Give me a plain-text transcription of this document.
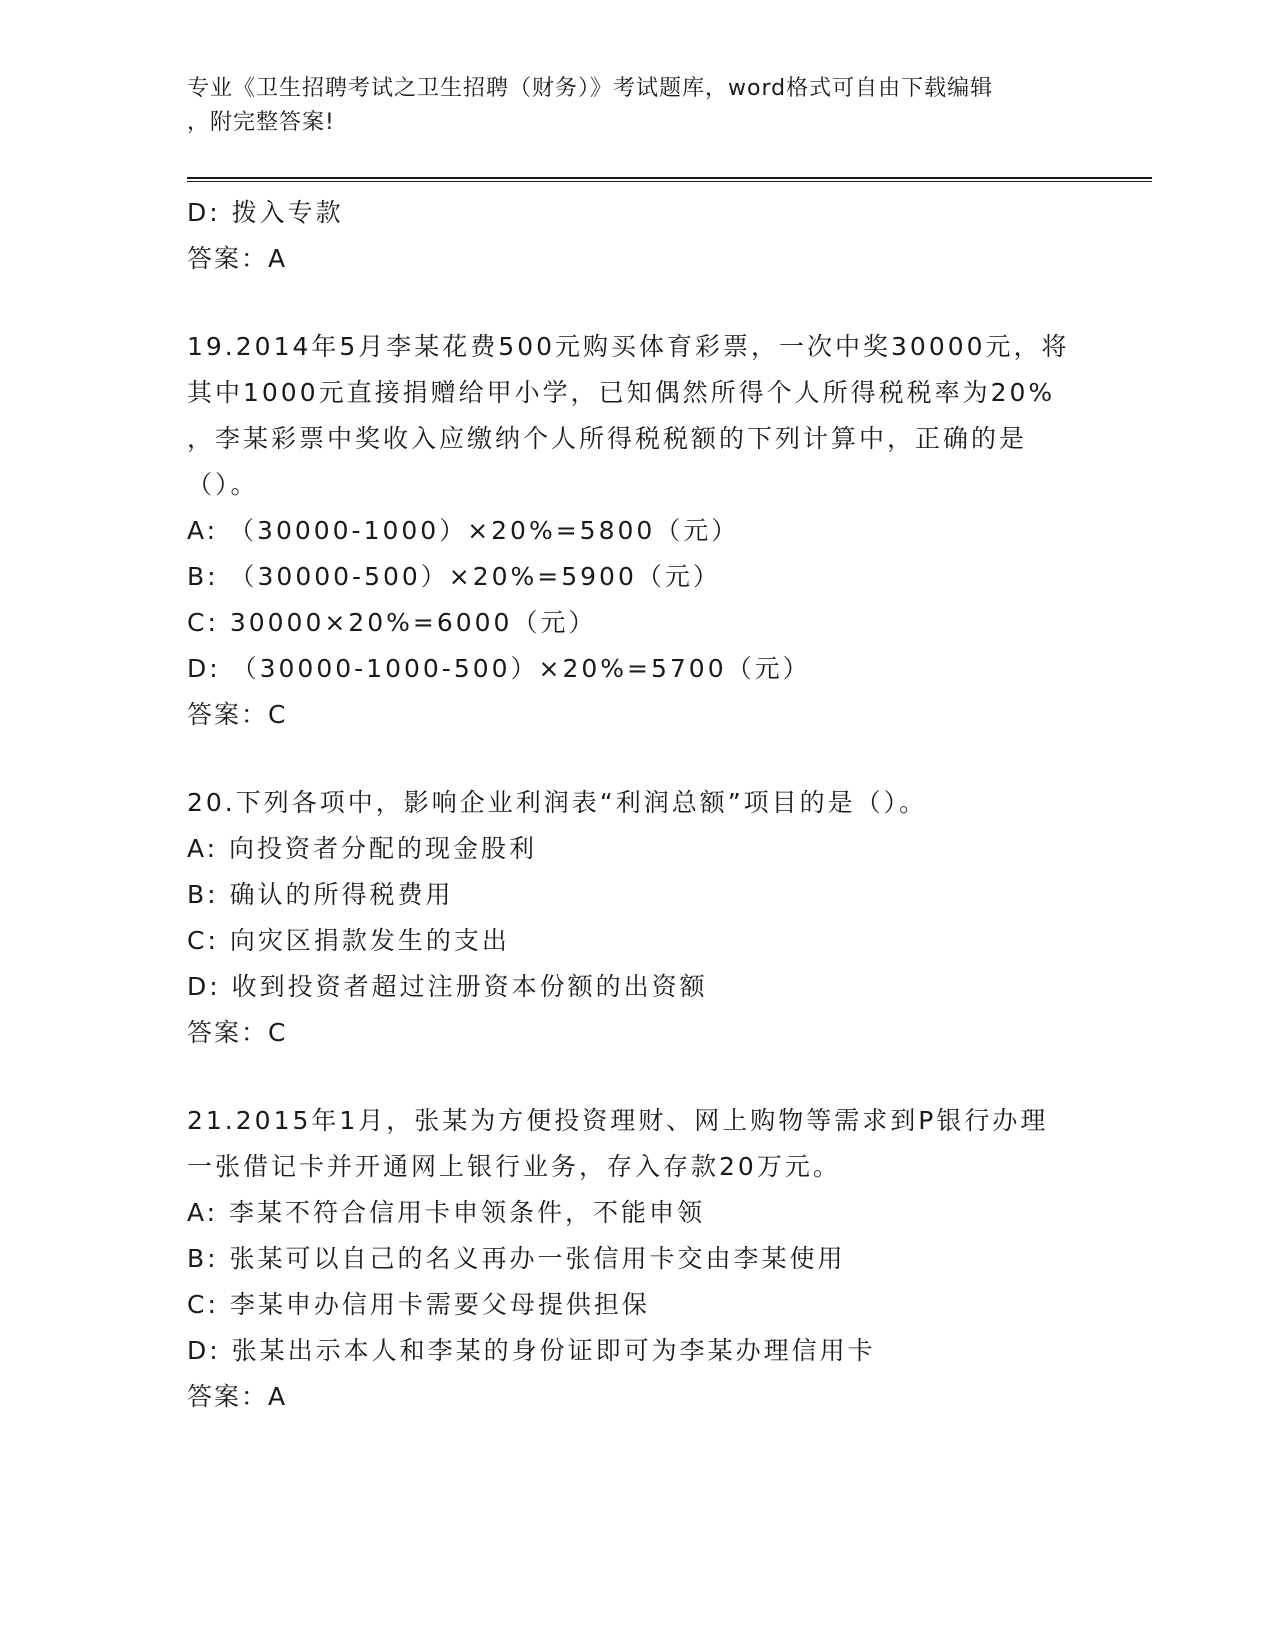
专业《卫生招聘考试之卫生招聘（财务）》考试题库，word格式可自由下载编辑
，附完整答案!
D: 拨入专款
答案：A
19.2014年5月李某花费500元购买体育彩票，一次中奖30000元，将
其中1000元直接捐赠给甲小学，已知偶然所得个人所得税税率为20%
，李某彩票中奖收入应缴纳个人所得税税额的下列计算中，正确的是
（）。
A: （30000-1000）×20%=5800（元）
B: （30000-500）×20%=5900（元）
C: 30000×20%=6000（元）
D: （30000-1000-500）×20%=5700（元）
答案：C
20.下列各项中，影响企业利润表“利润总额”项目的是（）。
A: 向投资者分配的现金股利
B: 确认的所得税费用
C: 向灾区捐款发生的支出
D: 收到投资者超过注册资本份额的出资额
答案：C
21.2015年1月，张某为方便投资理财、网上购物等需求到P银行办理
一张借记卡并开通网上银行业务，存入存款20万元。
A: 李某不符合信用卡申领条件，不能申领
B: 张某可以自己的名义再办一张信用卡交由李某使用
C: 李某申办信用卡需要父母提供担保
D: 张某出示本人和李某的身份证即可为李某办理信用卡
答案：A
